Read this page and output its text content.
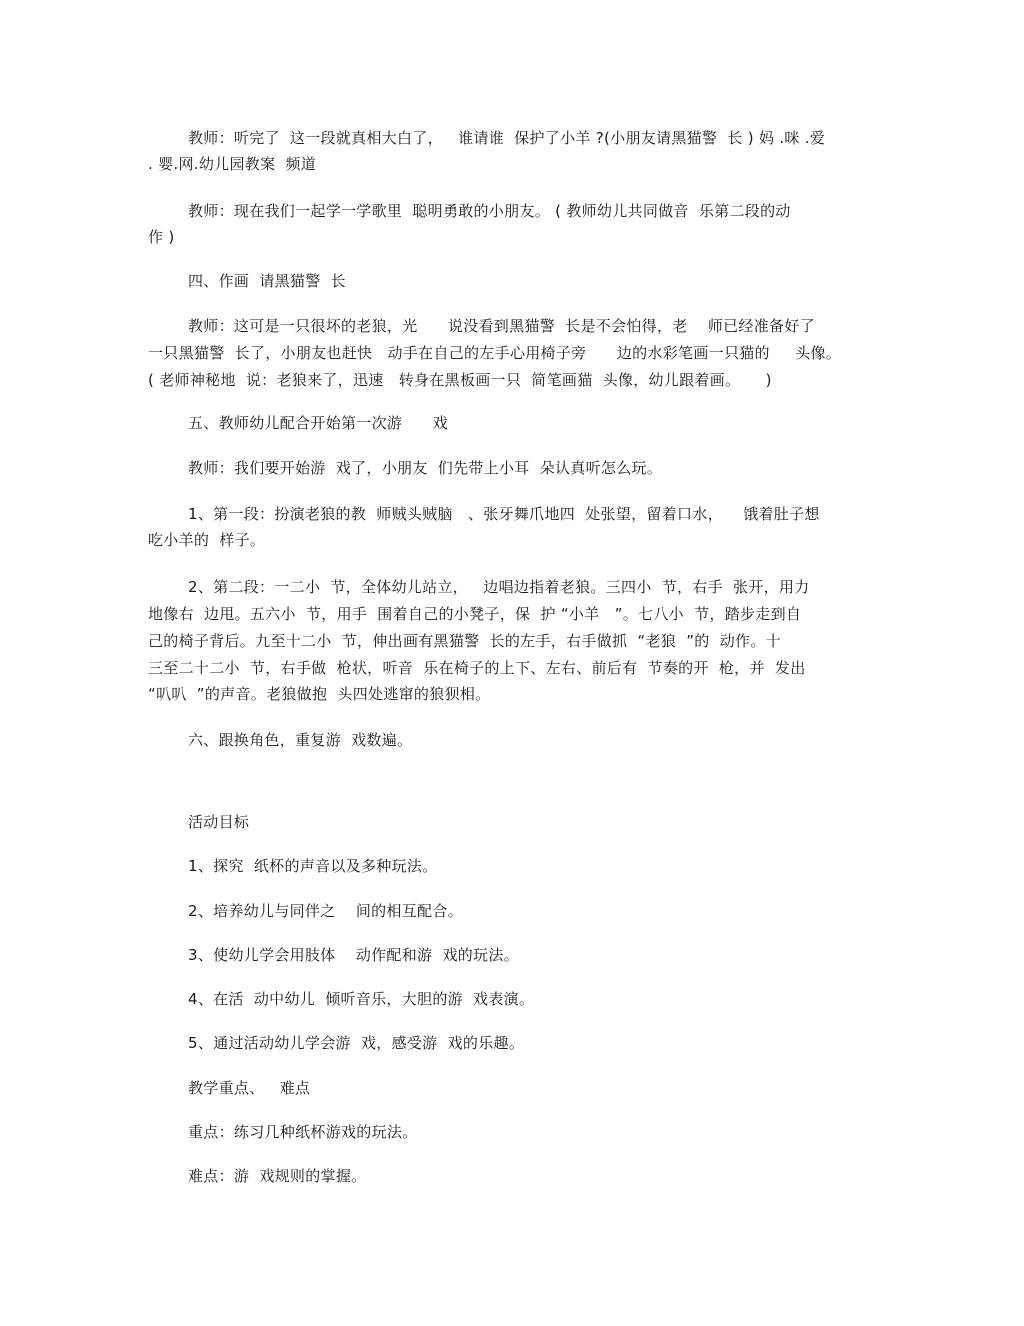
教师：听完了  这一段就真相大白了，   谁请谁  保护了小羊 ?(小朋友请黑猫警  长 ) 妈 .咪 .爱
. 婴.网.幼儿园教案  频道
教师：现在我们一起学一学歌里  聪明勇敢的小朋友。 ( 教师幼儿共同做音  乐第二段的动
作 )
四、作画  请黑猫警  长
教师：这可是一只很坏的老狼，光      说没看到黑猫警  长是不会怕得，老    师已经准备好了
一只黑猫警  长了，小朋友也赶快   动手在自己的左手心用椅子旁      边的水彩笔画一只猫的     头像。
( 老师神秘地  说：老狼来了，迅速   转身在黑板画一只  简笔画猫  头像，幼儿跟着画。     )
五、教师幼儿配合开始第一次游      戏
教师：我们要开始游  戏了，小朋友  们先带上小耳  朵认真听怎么玩。
1、第一段：扮演老狼的教  师贼头贼脑   、张牙舞爪地四  处张望，留着口水，    饿着肚子想
吃小羊的  样子。
2、第二段：一二小  节，全体幼儿站立，   边唱边指着老狼。三四小  节，右手  张开，用力
地像右  边甩。五六小  节，用手  围着自己的小凳子，保  护 “小羊   ”。七八小  节，踏步走到自
己的椅子背后。九至十二小  节，伸出画有黑猫警  长的左手，右手做抓  “老狼  ”的  动作。十
三至二十二小  节，右手做  枪状，听音  乐在椅子的上下、左右、前后有  节奏的开  枪，并  发出
“叭叭  ”的声音。老狼做抱  头四处逃窜的狼狈相。
六、跟换角色，重复游  戏数遍。
活动目标
1、探究  纸杯的声音以及多种玩法。
2、培养幼儿与同伴之    间的相互配合。
3、使幼儿学会用肢体    动作配和游  戏的玩法。
4、在活  动中幼儿  倾听音乐，大胆的游  戏表演。
5、通过活动幼儿学会游  戏，感受游  戏的乐趣。
教学重点、   难点
重点：练习几种纸杯游戏的玩法。
难点：游  戏规则的掌握。
